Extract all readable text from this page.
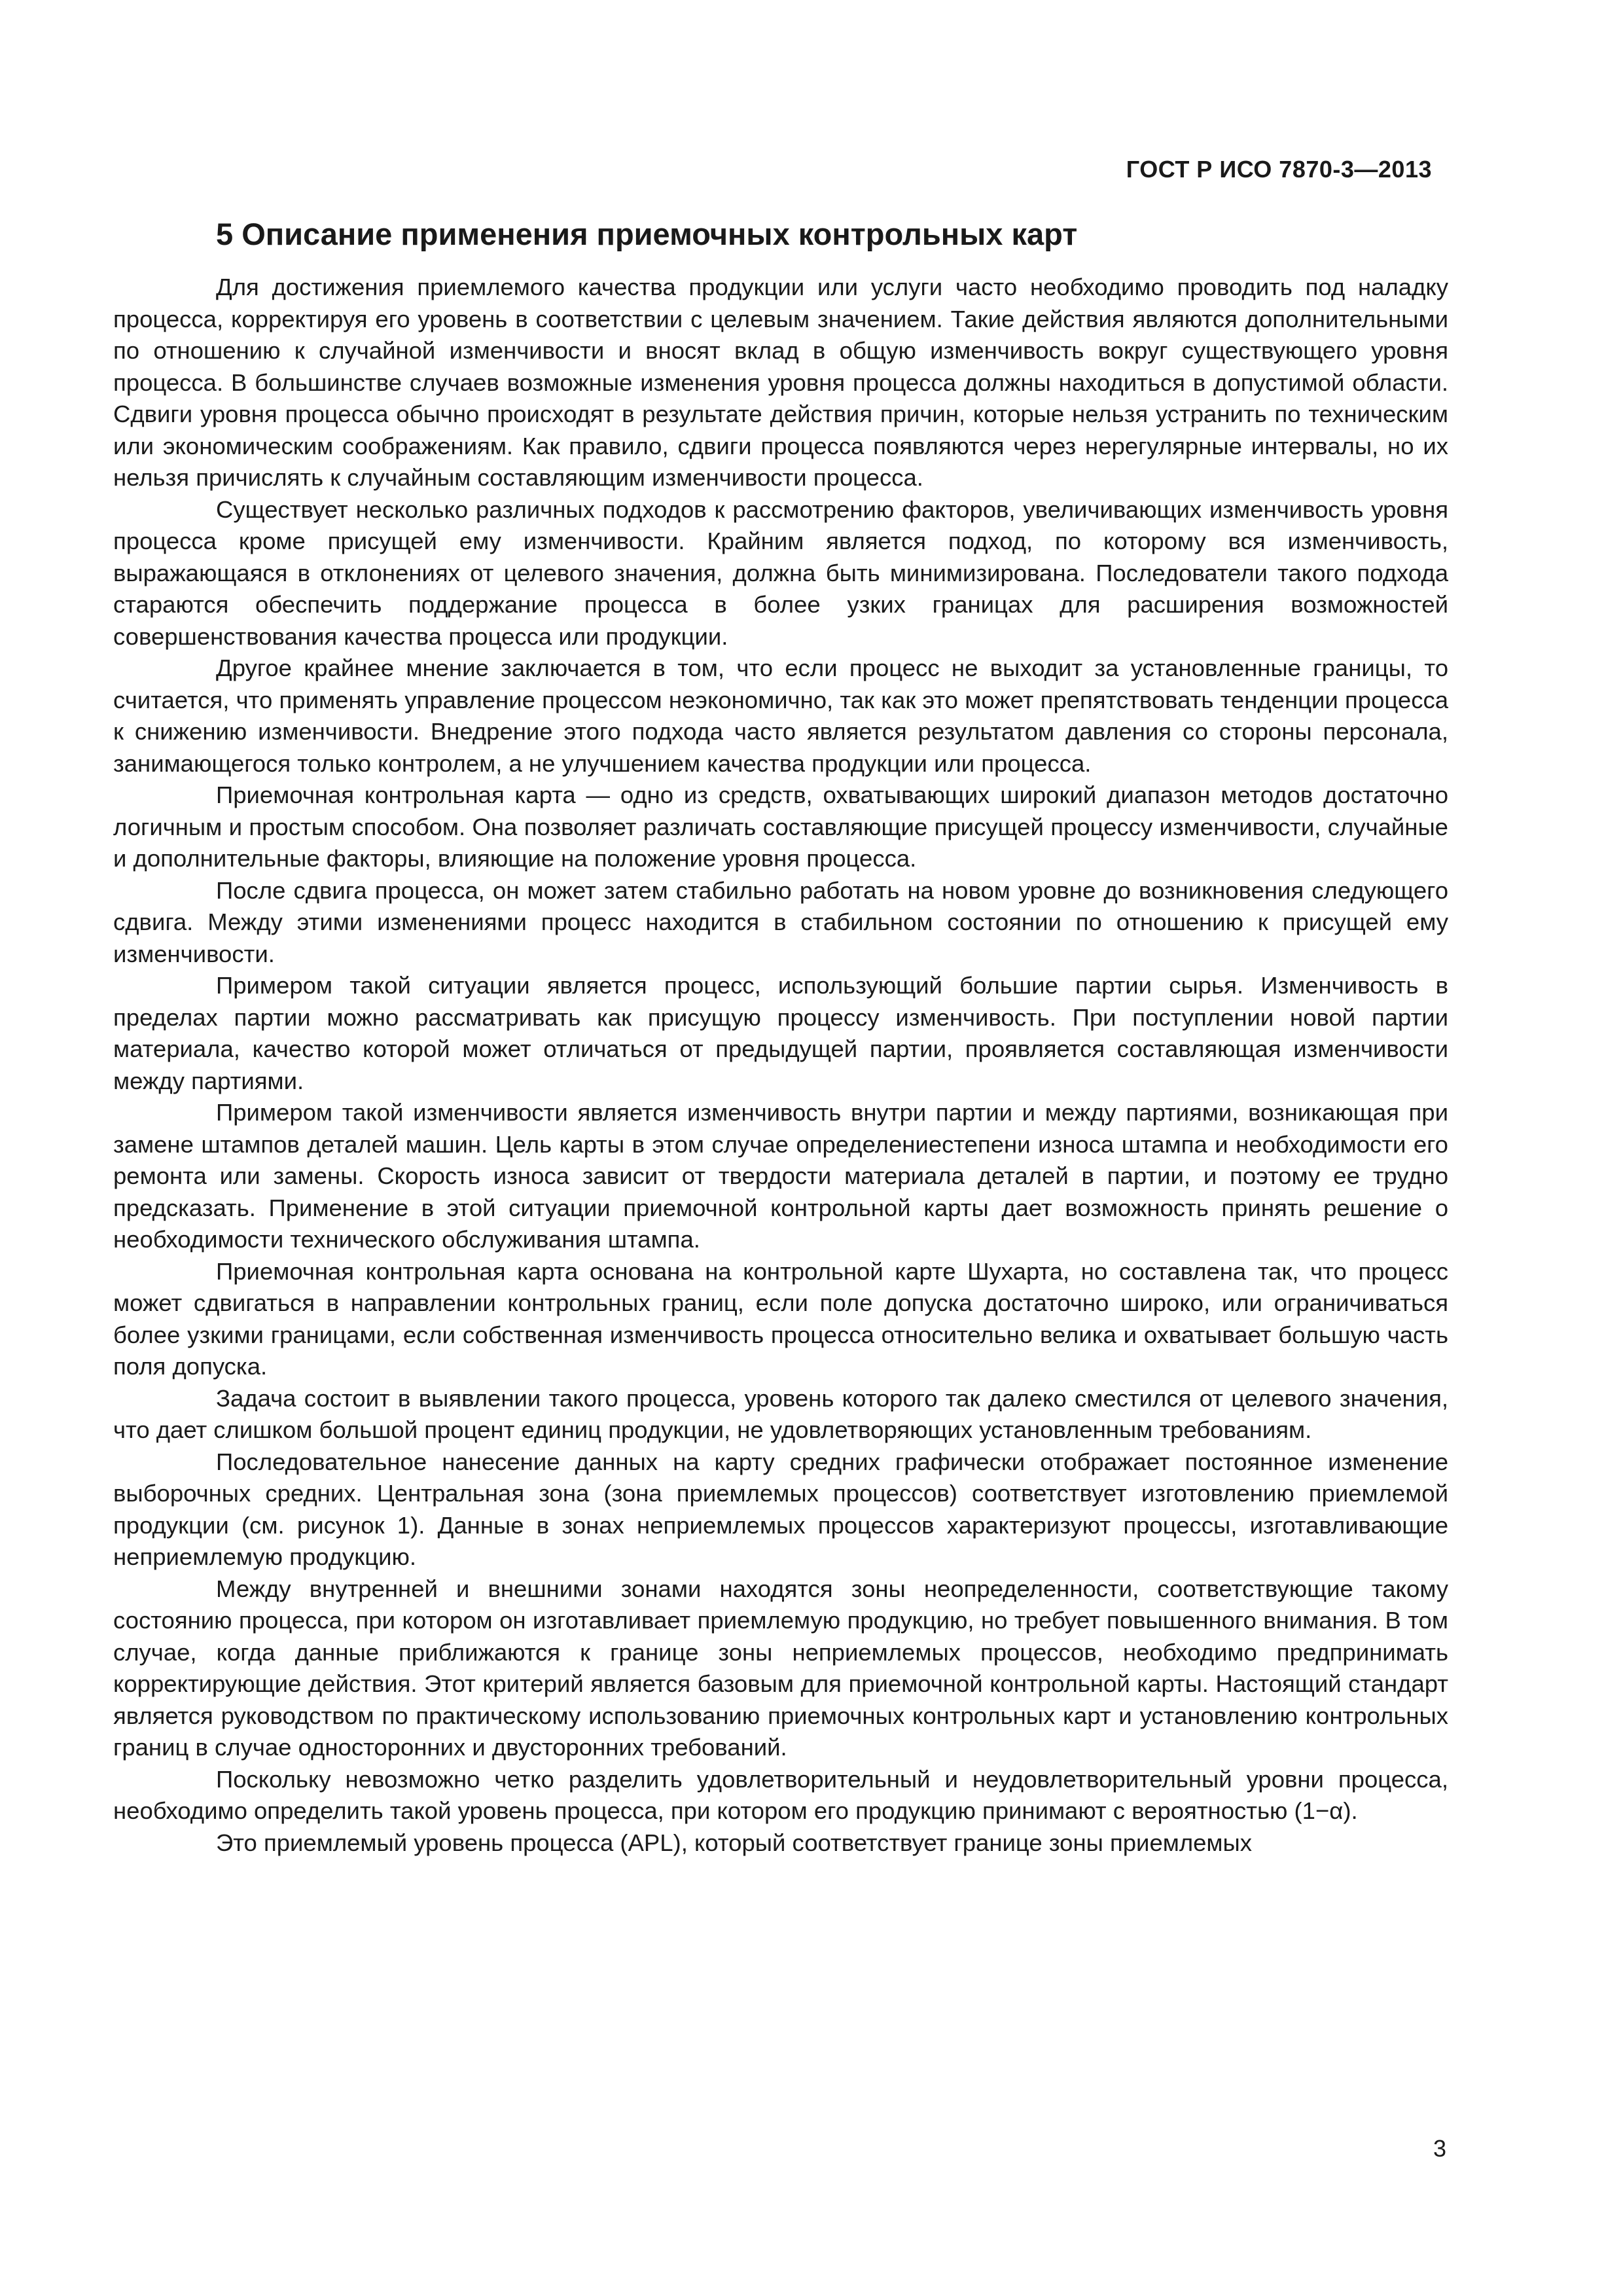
ГОСТ Р ИСО 7870-3—2013
5 Описание применения приемочных контрольных карт

Для достижения приемлемого качества продукции или услуги часто необходимо проводить под наладку процесса, корректируя его уровень в соответствии с целевым значением. Такие действия являются дополнительными по отношению к случайной изменчивости и вносят вклад в общую изменчивость вокруг существующего уровня процесса. В большинстве случаев возможные изменения уровня процесса должны находиться в допустимой области. Сдвиги уровня процесса обычно происходят в результате действия причин, которые нельзя устранить по техническим или экономическим соображениям. Как правило, сдвиги процесса появляются через нерегулярные интервалы, но их нельзя причислять к случайным составляющим изменчивости процесса.

Существует несколько различных подходов к рассмотрению факторов, увеличивающих изменчивость уровня процесса кроме присущей ему изменчивости. Крайним является подход, по которому вся изменчивость, выражающаяся в отклонениях от целевого значения, должна быть минимизирована. Последователи такого подхода стараются обеспечить поддержание процесса в более узких границах для расширения возможностей совершенствования качества процесса или продукции.

Другое крайнее мнение заключается в том, что если процесс не выходит за установленные границы, то считается, что применять управление процессом неэкономично, так как это может препятствовать тенденции процесса к снижению изменчивости. Внедрение этого подхода часто является результатом давления со стороны персонала, занимающегося только контролем, а не улучшением качества продукции или процесса.

Приемочная контрольная карта — одно из средств, охватывающих широкий диапазон методов достаточно логичным и простым способом. Она позволяет различать составляющие присущей процессу изменчивости, случайные и дополнительные факторы, влияющие на положение уровня процесса.

После сдвига процесса, он может затем стабильно работать на новом уровне до возникновения следующего сдвига. Между этими изменениями процесс находится в стабильном состоянии по отношению к присущей ему изменчивости.

Примером такой ситуации является процесс, использующий большие партии сырья. Изменчивость в пределах партии можно рассматривать как присущую процессу изменчивость. При поступлении новой партии материала, качество которой может отличаться от предыдущей партии, проявляется составляющая изменчивости между партиями.

Примером такой изменчивости является изменчивость внутри партии и между партиями, возникающая при замене штампов деталей машин. Цель карты в этом случае определениестепени износа штампа и необходимости его ремонта или замены. Скорость износа зависит от твердости материала деталей в партии, и поэтому ее трудно предсказать. Применение в этой ситуации приемочной контрольной карты дает возможность принять решение о необходимости технического обслуживания штампа.

Приемочная контрольная карта основана на контрольной карте Шухарта, но составлена так, что процесс может сдвигаться в направлении контрольных границ, если поле допуска достаточно широко, или ограничиваться более узкими границами, если собственная изменчивость процесса относительно велика и охватывает большую часть поля допуска.

Задача состоит в выявлении такого процесса, уровень которого так далеко сместился от целевого значения, что дает слишком большой процент единиц продукции, не удовлетворяющих установленным требованиям.

Последовательное нанесение данных на карту средних графически отображает постоянное изменение выборочных средних. Центральная зона (зона приемлемых процессов) соответствует изготовлению приемлемой продукции (см. рисунок 1). Данные в зонах неприемлемых процессов характеризуют процессы, изготавливающие неприемлемую продукцию.

Между внутренней и внешними зонами находятся зоны неопределенности, соответствующие такому состоянию процесса, при котором он изготавливает приемлемую продукцию, но требует повышенного внимания. В том случае, когда данные приближаются к границе зоны неприемлемых процессов, необходимо предпринимать корректирующие действия. Этот критерий является базовым для приемочной контрольной карты. Настоящий стандарт является руководством по практическому использованию приемочных контрольных карт и установлению контрольных границ в случае односторонних и двусторонних требований.

Поскольку невозможно четко разделить удовлетворительный и неудовлетворительный уровни процесса, необходимо определить такой уровень процесса, при котором его продукцию принимают с вероятностью (1−α).

Это приемлемый уровень процесса (APL), который соответствует границе зоны приемлемых

3
